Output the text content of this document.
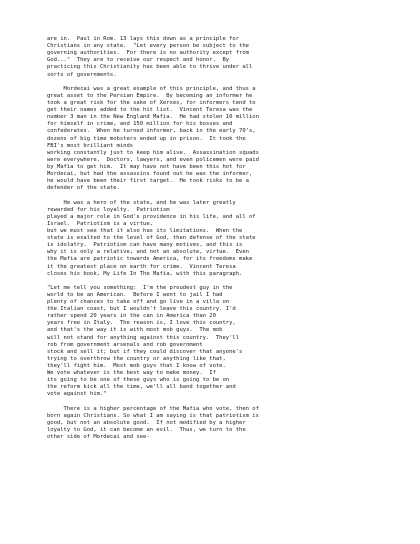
are in.  Paul in Rom. 13 lays this down as a principle for
Christians in any state.  "Let every person be subject to the
governing authorities.  For there is no authority except from
God..."  They are to receive our respect and honor.  By
practicing this Christianity has been able to thrive under all
sorts of governments.
Mordecai was a great example of this principle, and thus a
great asset to the Persian Empire.  By becoming an informer he
took a great risk for the sake of Xerxes, for informers tend to
get their names added to the hit list.  Vincent Teresa was the
number 3 man in the New England Mafia.  He had stolen 10 million
for himself in crime, and 150 million for his bosses and
confederates.  When he turned informer, back in the early 70's,
dozens of big time mobsters ended up in prison.  It took the
FBI's most brilliant minds
working constantly just to keep him alive.  Assassination squads
were everywhere.  Doctors, lawyers, and even policemen were paid
by Mafia to get him.  It may have not have been this hot for
Mordecai, but had the assassins found out he was the informer,
he would have been their first target.  He took risks to be a
defender of the state.
He was a hero of the state, and he was later greatly
rewarded for his loyalty.  Patriotism
played a major role in God's providence in his life, and all of
Israel.  Patriotism is a virtue,
but we must see that it also has its limitations.  When the
state is exalted to the level of God, then defense of the state
is idolatry.  Patriotism can have many motives, and this is
why it is only a relative, and not an absolute, virtue.  Even
the Mafia are patriotic towards America, for its freedoms make
it the greatest place on earth for crime.  Vincent Teresa
closes his book, My Life In The Mafia, with this paragraph.
"Let me tell you something:  I'm the proudest guy in the
world to be an American.  Before I went to jail I had
plenty of chances to take off and go live in a villa on
the Italian coast, but I wouldn't leave this country. I'd
rather spend 20 years in the can in America than 20
years free in Italy.  The reason is, I love this country,
and that's the way it is with most mob guys.  The mob
will not stand for anything against this country.  They'll
rob from government arsenals and rob government
stock and sell it; but if they could discover that anyone's
trying to overthrow the country or anything like that,
they'll fight him.  Most mob guys that I know of vote.
We vote whatever is the best way to make money.  If
its going to be one of these guys who is going to be on
the reform kick all the time, we'll all band together and
vote against him."
There is a higher percentage of the Mafia who vote, then of
born again Christians. So what I am saying is that patriotism is
good, but not an absolute good.  If not modified by a higher
loyalty to God, it can become an evil.  Thus, we turn to the
other side of Mordecai and see-
